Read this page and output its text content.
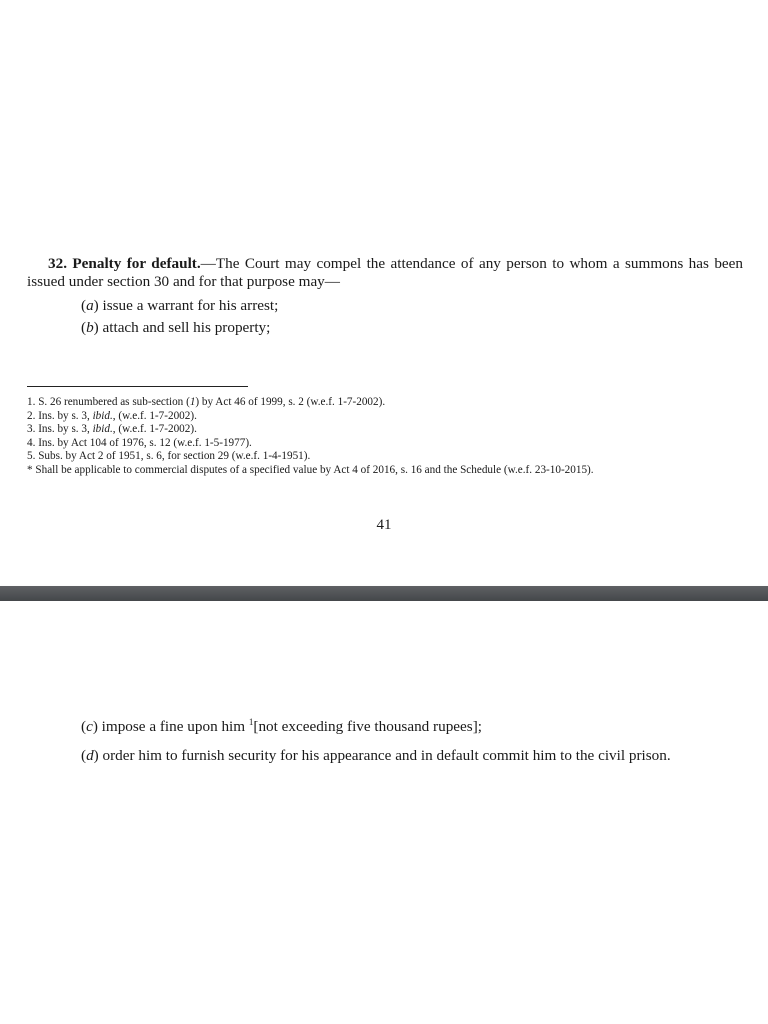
32. Penalty for default.—The Court may compel the attendance of any person to whom a summons has been issued under section 30 and for that purpose may—

(a) issue a warrant for his arrest;
(b) attach and sell his property;
1. S. 26 renumbered as sub-section (1) by Act 46 of 1999, s. 2 (w.e.f. 1-7-2002).
2. Ins. by s. 3, ibid., (w.e.f. 1-7-2002).
3. Ins. by s. 3, ibid., (w.e.f. 1-7-2002).
4. Ins. by Act 104 of 1976, s. 12 (w.e.f. 1-5-1977).
5. Subs. by Act 2 of 1951, s. 6, for section 29 (w.e.f. 1-4-1951).
* Shall be applicable to commercial disputes of a specified value by Act 4 of 2016, s. 16 and the Schedule (w.e.f. 23-10-2015).
41
(c) impose a fine upon him $^1$[not exceeding five thousand rupees];
(d) order him to furnish security for his appearance and in default commit him to the civil prison.
